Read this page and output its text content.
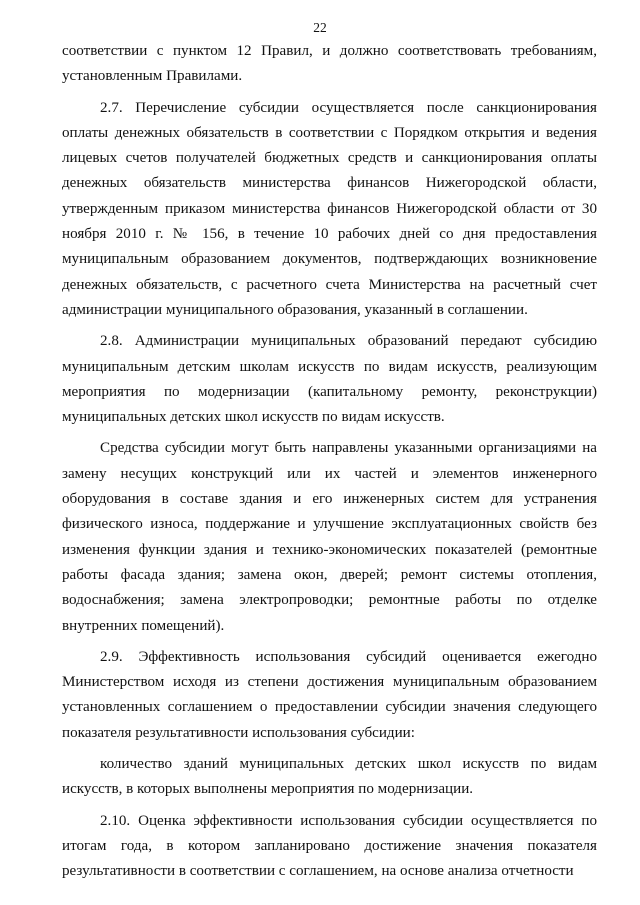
22

соответствии с пунктом 12 Правил, и должно соответствовать требованиям, установленным Правилами.

2.7. Перечисление субсидии осуществляется после санкционирования оплаты денежных обязательств в соответствии с Порядком открытия и ведения лицевых счетов получателей бюджетных средств и санкционирования оплаты денежных обязательств министерства финансов Нижегородской области, утвержденным приказом министерства финансов Нижегородской области от 30 ноября 2010 г. № 156, в течение 10 рабочих дней со дня предоставления муниципальным образованием документов, подтверждающих возникновение денежных обязательств, с расчетного счета Министерства на расчетный счет администрации муниципального образования, указанный в соглашении.

2.8. Администрации муниципальных образований передают субсидию муниципальным детским школам искусств по видам искусств, реализующим мероприятия по модернизации (капитальному ремонту, реконструкции) муниципальных детских школ искусств по видам искусств.

Средства субсидии могут быть направлены указанными организациями на замену несущих конструкций или их частей и элементов инженерного оборудования в составе здания и его инженерных систем для устранения физического износа, поддержание и улучшение эксплуатационных свойств без изменения функции здания и технико-экономических показателей (ремонтные работы фасада здания; замена окон, дверей; ремонт системы отопления, водоснабжения; замена электропроводки; ремонтные работы по отделке внутренних помещений).

2.9. Эффективность использования субсидий оценивается ежегодно Министерством исходя из степени достижения муниципальным образованием установленных соглашением о предоставлении субсидии значения следующего показателя результативности использования субсидии:

количество зданий муниципальных детских школ искусств по видам искусств, в которых выполнены мероприятия по модернизации.

2.10. Оценка эффективности использования субсидии осуществляется по итогам года, в котором запланировано достижение значения показателя результативности в соответствии с соглашением, на основе анализа отчетности
